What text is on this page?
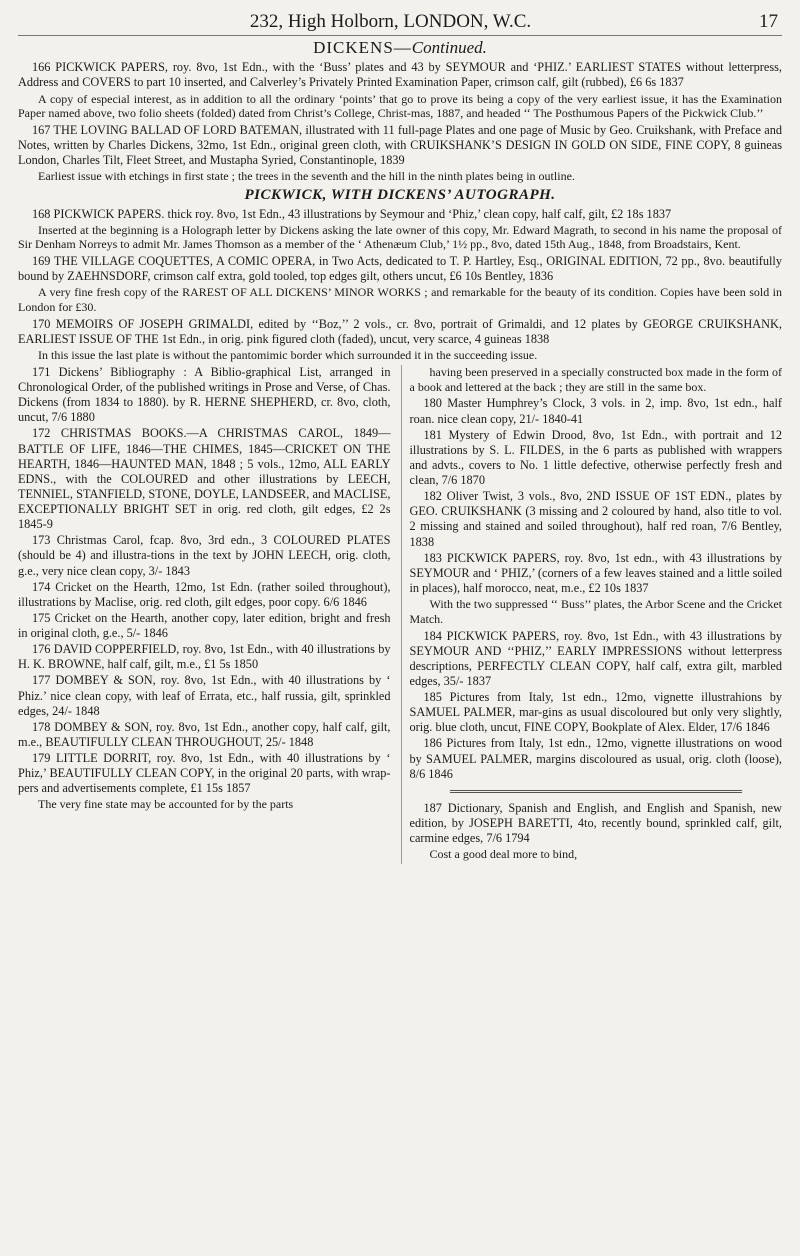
232, High Holborn, LONDON, W.C.	17
DICKENS—Continued.

166 PICKWICK PAPERS, roy. 8vo, 1st Edn., with the ‘Buss’ plates and 43 by SEYMOUR and ‘PHIZ.’ EARLIEST STATES without letterpress, Address and COVERS to part 10 inserted, and Calverley’s Privately Printed Examination Paper, crimson calf, gilt (rubbed), £6 6s 1837

A copy of especial interest, as in addition to all the ordinary ‘points’ that go to prove its being a copy of the very earliest issue, it has the Examination Paper named above, two folio sheets (folded) dated from Christ’s College, Christ-mas, 1887, and headed ‘‘ The Posthumous Papers of the Pickwick Club.’’

167 THE LOVING BALLAD OF LORD BATEMAN, illustrated with 11 full-page Plates and one page of Music by Geo. Cruikshank, with Preface and Notes, written by Charles Dickens, 32mo, 1st Edn., original green cloth, with CRUIKSHANK’S DESIGN IN GOLD ON SIDE, FINE COPY, 8 guineas London, Charles Tilt, Fleet Street, and Mustapha Syried, Constantinople, 1839

Earliest issue with etchings in first state ; the trees in the seventh and the hill in the ninth plates being in outline.

PICKWICK, WITH DICKENS’ AUTOGRAPH.

168 PICKWICK PAPERS. thick roy. 8vo, 1st Edn., 43 illustrations by Seymour and ‘Phiz,’ clean copy, half calf, gilt, £2 18s 1837

Inserted at the beginning is a Holograph letter by Dickens asking the late owner of this copy, Mr. Edward Magrath, to second in his name the proposal of Sir Denham Norreys to admit Mr. James Thomson as a member of the ‘ Athenæum Club,’ 1½ pp., 8vo, dated 15th Aug., 1848, from Broadstairs, Kent.

169 THE VILLAGE COQUETTES, A COMIC OPERA, in Two Acts, dedicated to T. P. Hartley, Esq., ORIGINAL EDITION, 72 pp., 8vo. beautifully bound by ZAEHNSDORF, crimson calf extra, gold tooled, top edges gilt, others uncut, £6 10s Bentley, 1836

A very fine fresh copy of the RAREST OF ALL DICKENS’ MINOR WORKS ; and remarkable for the beauty of its condition. Copies have been sold in London for £30.

170 MEMOIRS OF JOSEPH GRIMALDI, edited by ‘‘Boz,’’ 2 vols., cr. 8vo, portrait of Grimaldi, and 12 plates by GEORGE CRUIKSHANK, EARLIEST ISSUE OF THE 1st Edn., in orig. pink figured cloth (faded), uncut, very scarce, 4 guineas 1838

In this issue the last plate is without the pantomimic border which surrounded it in the succeeding issue.

171 Dickens’ Bibliography : A Biblio-graphical List, arranged in Chronological Order, of the published writings in Prose and Verse, of Chas. Dickens (from 1834 to 1880). by R. HERNE SHEPHERD, cr. 8vo, cloth, uncut, 7/6 1880

172 CHRISTMAS BOOKS.—A CHRISTMAS CAROL, 1849—BATTLE OF LIFE, 1846—THE CHIMES, 1845—CRICKET ON THE HEARTH, 1846—HAUNTED MAN, 1848 ; 5 vols., 12mo, ALL EARLY EDNS., with the COLOURED and other illustrations by LEECH, TENNIEL, STANFIELD, STONE, DOYLE, LANDSEER, and MACLISE, EXCEPTIONALLY BRIGHT SET in orig. red cloth, gilt edges, £2 2s 1845-9

173 Christmas Carol, fcap. 8vo, 3rd edn., 3 COLOURED PLATES (should be 4) and illustra-tions in the text by JOHN LEECH, orig. cloth, g.e., very nice clean copy, 3/- 1843

174 Cricket on the Hearth, 12mo, 1st Edn. (rather soiled throughout), illustrations by Maclise, orig. red cloth, gilt edges, poor copy. 6/6 1846

175 Cricket on the Hearth, another copy, later edition, bright and fresh in original cloth, g.e., 5/- 1846

176 DAVID COPPERFIELD, roy. 8vo, 1st Edn., with 40 illustrations by H. K. BROWNE, half calf, gilt, m.e., £1 5s 1850

177 DOMBEY & SON, roy. 8vo, 1st Edn., with 40 illustrations by ‘ Phiz.’ nice clean copy, with leaf of Errata, etc., half russia, gilt, sprinkled edges, 24/- 1848

178 DOMBEY & SON, roy. 8vo, 1st Edn., another copy, half calf, gilt, m.e., BEAUTIFULLY CLEAN THROUGHOUT, 25/- 1848

179 LITTLE DORRIT, roy. 8vo, 1st Edn., with 40 illustrations by ‘ Phiz,’ BEAUTIFULLY CLEAN COPY, in the original 20 parts, with wrap-pers and advertisements complete, £1 15s 1857

The very fine state may be accounted for by the parts

having been preserved in a specially constructed box made in the form of a book and lettered at the back ; they are still in the same box.

180 Master Humphrey’s Clock, 3 vols. in 2, imp. 8vo, 1st edn., half roan. nice clean copy, 21/- 1840-41

181 Mystery of Edwin Drood, 8vo, 1st Edn., with portrait and 12 illustrations by S. L. FILDES, in the 6 parts as published with wrappers and advts., covers to No. 1 little defective, otherwise perfectly fresh and clean, 7/6 1870

182 Oliver Twist, 3 vols., 8vo, 2ND ISSUE OF 1ST EDN., plates by GEO. CRUIKSHANK (3 missing and 2 coloured by hand, also title to vol. 2 missing and stained and soiled throughout), half red roan, 7/6 Bentley, 1838

183 PICKWICK PAPERS, roy. 8vo, 1st edn., with 43 illustrations by SEYMOUR and ‘ PHIZ,’ (corners of a few leaves stained and a little soiled in places), half morocco, neat, m.e., £2 10s 1837

With the two suppressed ‘‘ Buss’’ plates, the Arbor Scene and the Cricket Match.

184 PICKWICK PAPERS, roy. 8vo, 1st Edn., with 43 illustrations by SEYMOUR AND ‘‘PHIZ,’’ EARLY IMPRESSIONS without letterpress descriptions, PERFECTLY CLEAN COPY, half calf, extra gilt, marbled edges, 35/- 1837

185 Pictures from Italy, 1st edn., 12mo, vignette illustrahions by SAMUEL PALMER, mar-gins as usual discoloured but only very slightly, orig. blue cloth, uncut, FINE COPY, Bookplate of Alex. Elder, 17/6 1846

186 Pictures from Italy, 1st edn., 12mo, vignette illustrations on wood by SAMUEL PALMER, margins discoloured as usual, orig. cloth (loose), 8/6 1846

187 Dictionary, Spanish and English, and English and Spanish, new edition, by JOSEPH BARETTI, 4to, recently bound, sprinkled calf, gilt, carmine edges, 7/6 1794

Cost a good deal more to bind,
